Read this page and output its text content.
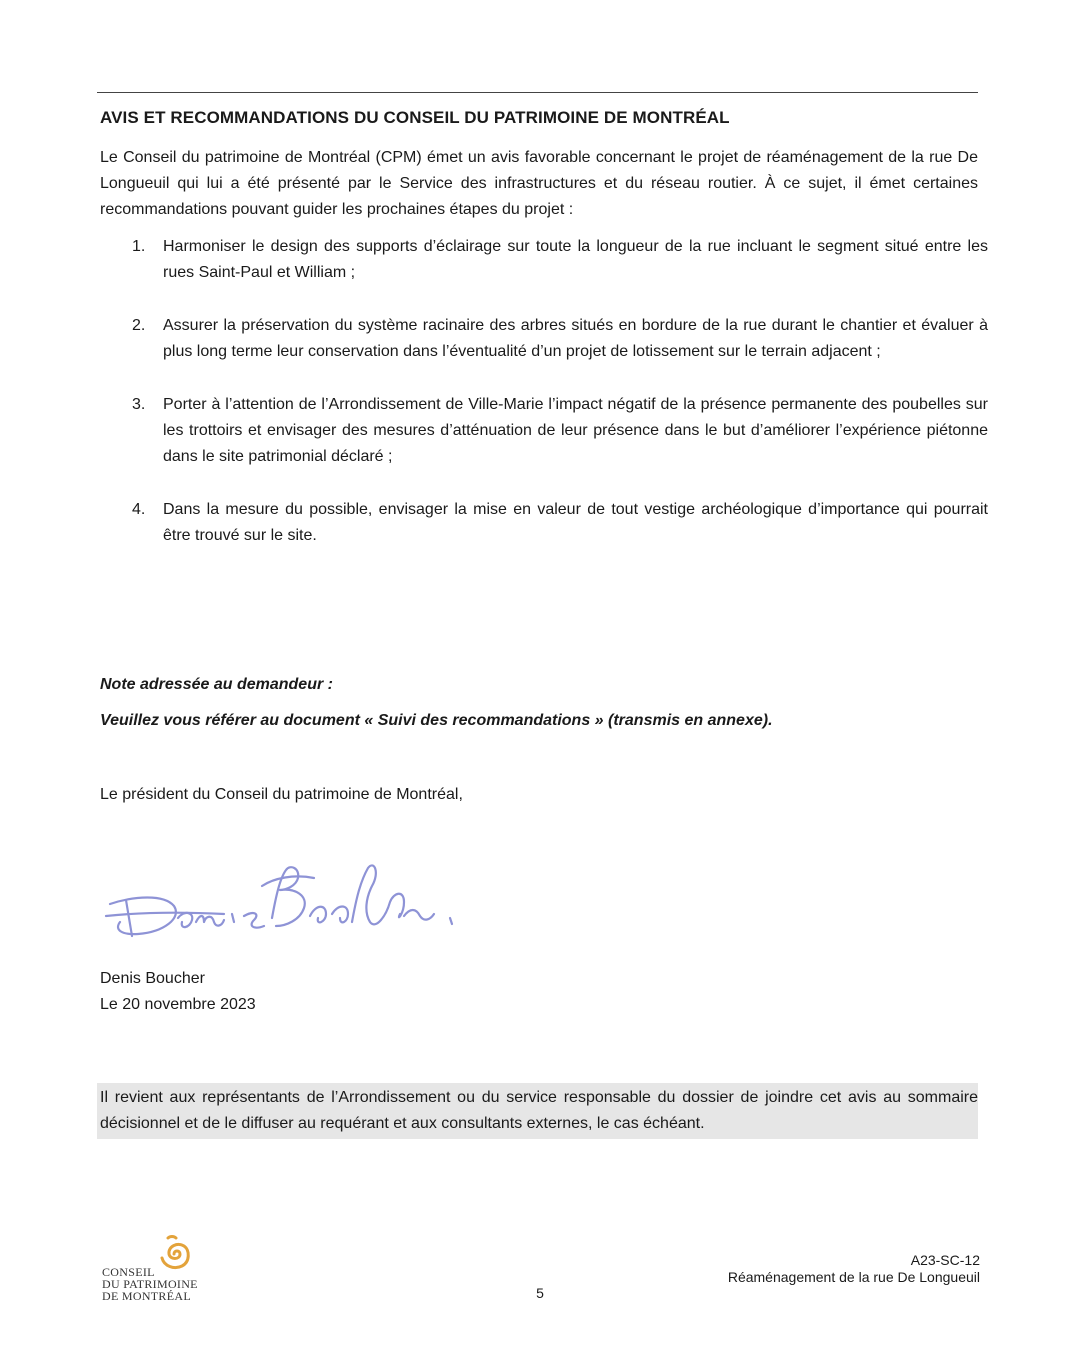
AVIS ET RECOMMANDATIONS DU CONSEIL DU PATRIMOINE DE MONTRÉAL

Le Conseil du patrimoine de Montréal (CPM) émet un avis favorable concernant le projet de réaménagement de la rue De Longueuil qui lui a été présenté par le Service des infrastructures et du réseau routier. À ce sujet, il émet certaines recommandations pouvant guider les prochaines étapes du projet :

1. Harmoniser le design des supports d’éclairage sur toute la longueur de la rue incluant le segment situé entre les rues Saint-Paul et William ;
2. Assurer la préservation du système racinaire des arbres situés en bordure de la rue durant le chantier et évaluer à plus long terme leur conservation dans l’éventualité d’un projet de lotissement sur le terrain adjacent ;
3. Porter à l’attention de l’Arrondissement de Ville-Marie l’impact négatif de la présence permanente des poubelles sur les trottoirs et envisager des mesures d’atténuation de leur présence dans le but d’améliorer l’expérience piétonne dans le site patrimonial déclaré ;
4. Dans la mesure du possible, envisager la mise en valeur de tout vestige archéologique d’importance qui pourrait être trouvé sur le site.

Note adressée au demandeur :

Veuillez vous référer au document « Suivi des recommandations » (transmis en annexe).

Le président du Conseil du patrimoine de Montréal,

Denis Boucher

Le 20 novembre 2023

Il revient aux représentants de l’Arrondissement ou du service responsable du dossier de joindre cet avis au sommaire décisionnel et de le diffuser au requérant et aux consultants externes, le cas échéant.

CONSEIL
DU PATRIMOINE
DE MONTRÉAL	5

A23-SC-12
Réaménagement de la rue De Longueuil
